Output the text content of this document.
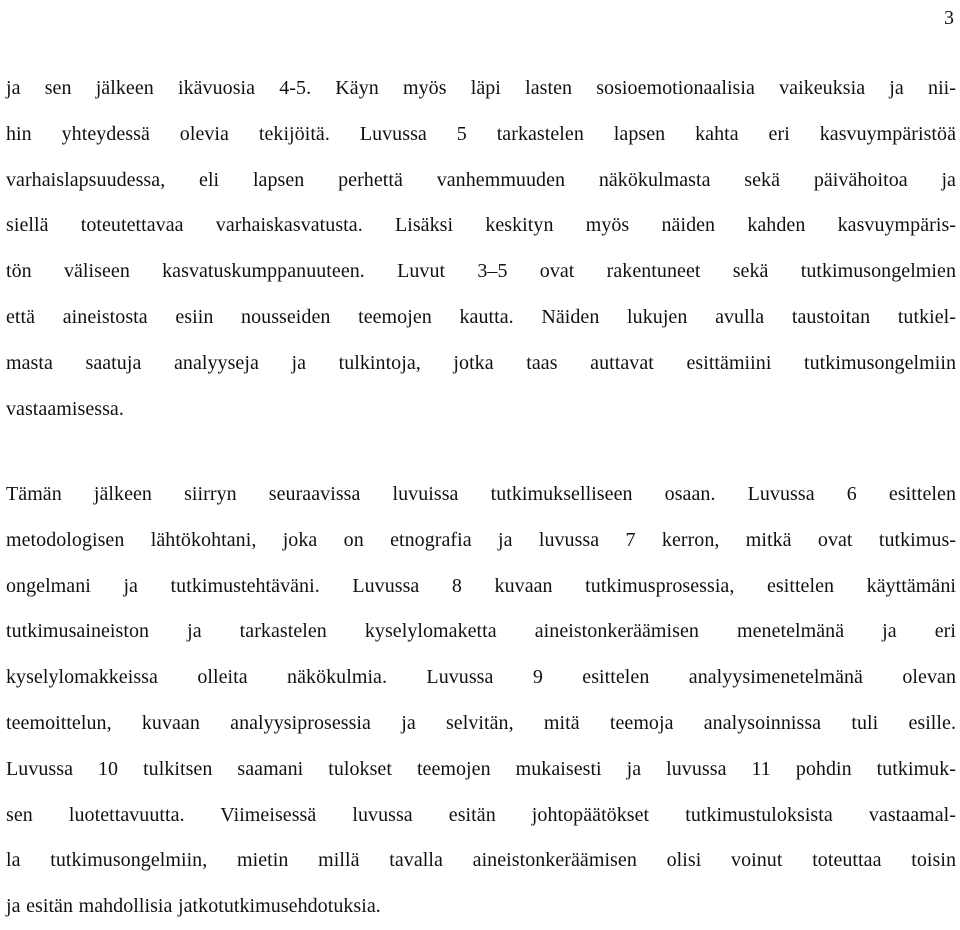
3
ja sen jälkeen ikävuosia 4-5. Käyn myös läpi lasten sosioemotionaalisia vaikeuksia ja nii-
hin yhteydessä olevia tekijöitä. Luvussa 5 tarkastelen lapsen kahta eri kasvuympäristöä
varhaislapsuudessa, eli lapsen perhettä vanhemmuuden näkökulmasta sekä päivähoitoa ja
siellä toteutettavaa varhaiskasvatusta. Lisäksi keskityn myös näiden kahden kasvuympäris-
tön väliseen kasvatuskumppanuuteen. Luvut 3–5 ovat rakentuneet sekä tutkimusongelmien
että aineistosta esiin nousseiden teemojen kautta. Näiden lukujen avulla taustoitan tutkiel-
masta saatuja analyyseja ja tulkintoja, jotka taas auttavat esittämiini tutkimusongelmiin
vastaamisessa.
Tämän jälkeen siirryn seuraavissa luvuissa tutkimukselliseen osaan. Luvussa 6 esittelen
metodologisen lähtökohtani, joka on etnografia ja luvussa 7 kerron, mitkä ovat tutkimus-
ongelmani ja tutkimustehtäväni. Luvussa 8 kuvaan tutkimusprosessia, esittelen käyttämäni
tutkimusaineiston ja tarkastelen kyselylomaketta aineistonkeräämisen menetelmänä ja eri
kyselylomakkeissa olleita näkökulmia. Luvussa 9 esittelen analyysimenetelmänä olevan
teemoittelun, kuvaan analyysiprosessia ja selvitän, mitä teemoja analysoinnissa tuli esille.
Luvussa 10 tulkitsen saamani tulokset teemojen mukaisesti ja luvussa 11 pohdin tutkimuk-
sen luotettavuutta. Viimeisessä luvussa esitän johtopäätökset tutkimustuloksista vastaamal-
la tutkimusongelmiin, mietin millä tavalla aineistonkeräämisen olisi voinut toteuttaa toisin
ja esitän mahdollisia jatkotutkimusehdotuksia.
